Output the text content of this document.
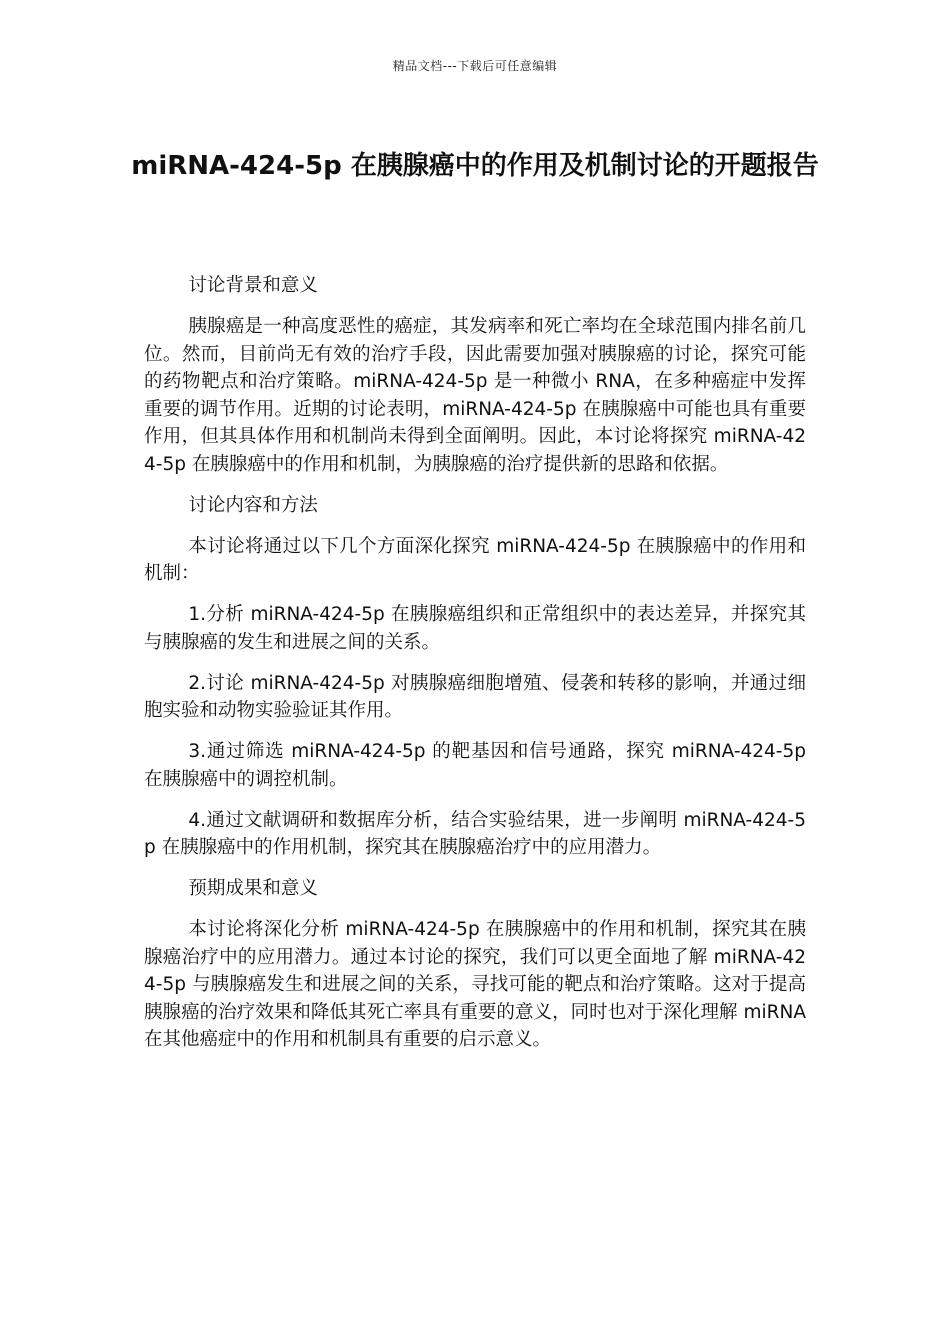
精品文档---下载后可任意编辑
miRNA-424-5p 在胰腺癌中的作用及机制讨论的开题报告

讨论背景和意义

胰腺癌是一种高度恶性的癌症，其发病率和死亡率均在全球范围内排名前几位。然而，目前尚无有效的治疗手段，因此需要加强对胰腺癌的讨论，探究可能的药物靶点和治疗策略。miRNA-424-5p 是一种微小 RNA，在多种癌症中发挥重要的调节作用。近期的讨论表明，miRNA-424-5p 在胰腺癌中可能也具有重要作用，但其具体作用和机制尚未得到全面阐明。因此，本讨论将探究 miRNA-424-5p 在胰腺癌中的作用和机制，为胰腺癌的治疗提供新的思路和依据。

讨论内容和方法

本讨论将通过以下几个方面深化探究 miRNA-424-5p 在胰腺癌中的作用和机制：

1.分析 miRNA-424-5p 在胰腺癌组织和正常组织中的表达差异，并探究其与胰腺癌的发生和进展之间的关系。

2.讨论 miRNA-424-5p 对胰腺癌细胞增殖、侵袭和转移的影响，并通过细胞实验和动物实验验证其作用。

3.通过筛选 miRNA-424-5p 的靶基因和信号通路，探究 miRNA-424-5p 在胰腺癌中的调控机制。

4.通过文献调研和数据库分析，结合实验结果，进一步阐明 miRNA-424-5p 在胰腺癌中的作用机制，探究其在胰腺癌治疗中的应用潜力。

预期成果和意义

本讨论将深化分析 miRNA-424-5p 在胰腺癌中的作用和机制，探究其在胰腺癌治疗中的应用潜力。通过本讨论的探究，我们可以更全面地了解 miRNA-424-5p 与胰腺癌发生和进展之间的关系，寻找可能的靶点和治疗策略。这对于提高胰腺癌的治疗效果和降低其死亡率具有重要的意义，同时也对于深化理解 miRNA 在其他癌症中的作用和机制具有重要的启示意义。
